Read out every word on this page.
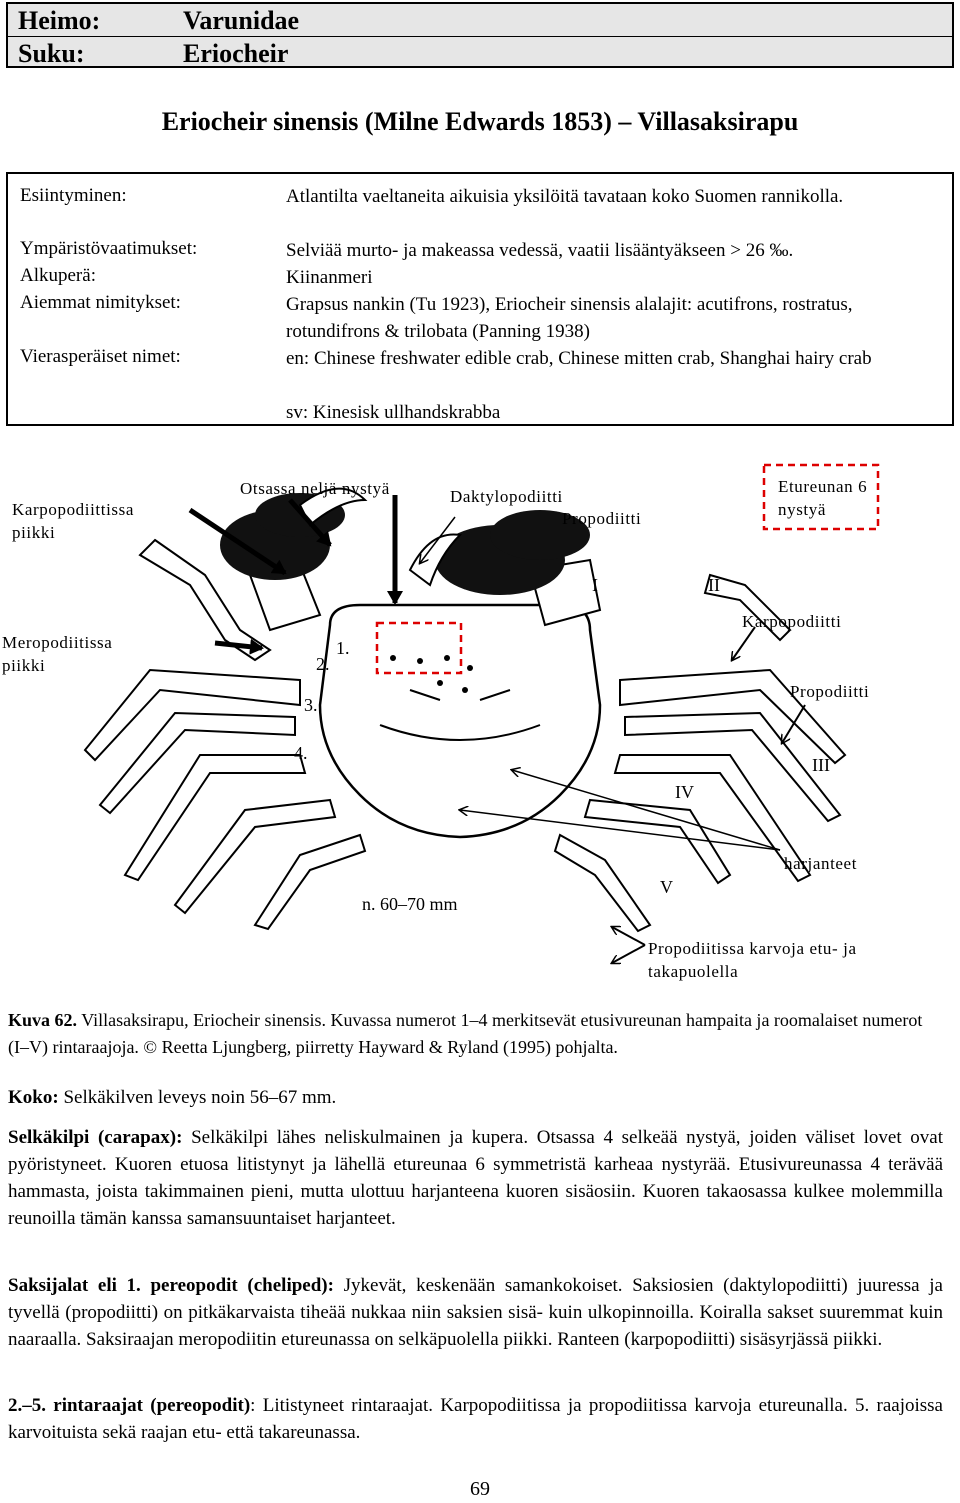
Heimo:	Varunidae
Suku:	Eriocheir
Eriocheir sinensis (Milne Edwards 1853) – Villasaksirapu
Esiintyminen:	Atlantilta vaeltaneita aikuisia yksilöitä tavataan koko Suomen rannikolla.
Ympäristövaatimukset:	Selviää murto- ja makeassa vedessä, vaatii lisääntyäkseen > 26 ‰.
Alkuperä:	Kiinanmeri
Aiemmat nimitykset:	Grapsus nankin (Tu 1923), Eriocheir sinensis alalajit: acutifrons, rostratus, rotundifrons & trilobata (Panning 1938)
Vierasperäiset nimet:	en: Chinese freshwater edible crab, Chinese mitten crab, Shanghai hairy crab
sv: Kinesisk ullhandskrabba
Karpopodiittissa piikki
Otsassa neljä nystyä	Daktylopodiitti
Propodiitti
Etureunan 6 nystyä
Meropodiitissa piikki
Karpopodiitti
Propodiitti
harjanteet
Propodiitissa karvoja etu- ja takapuolella
n. 60–70 mm
1.
2.
3.
4.
I	II
III
IV
V
Kuva 62. Villasaksirapu, Eriocheir sinensis. Kuvassa numerot 1–4 merkitsevät etusivureunan hampaita ja roomalaiset numerot (I–V) rintaraajoja. © Reetta Ljungberg, piirretty Hayward & Ryland (1995) pohjalta.
Koko: Selkäkilven leveys noin 56–67 mm.
Selkäkilpi (carapax): Selkäkilpi lähes neliskulmainen ja kupera. Otsassa 4 selkeää nystyä, joiden väliset lovet ovat pyöristyneet. Kuoren etuosa litistynyt ja lähellä etureunaa 6 symmetristä karheaa nystyrää. Etusivureunassa 4 terävää hammasta, joista takimmainen pieni, mutta ulottuu harjanteena kuoren sisäosiin. Kuoren takaosassa kulkee molemmilla reunoilla tämän kanssa samansuuntaiset harjanteet.
Saksijalat eli 1. pereopodit (cheliped): Jykevät, keskenään samankokoiset. Saksiosien (daktylopodiitti) juuressa ja tyvellä (propodiitti) on pitkäkarvaista tiheää nukkaa niin saksien sisä- kuin ulkopinnoilla. Koiralla sakset suuremmat kuin naaraalla. Saksiraajan meropodiitin etureunassa on selkäpuolella piikki. Ranteen (karpopodiitti) sisäsyrjässä piikki.
2.–5. rintaraajat (pereopodit): Litistyneet rintaraajat. Karpopodiitissa ja propodiitissa karvoja etureunalla. 5. raajoissa karvoituista sekä raajan etu- että takareunassa.
69
